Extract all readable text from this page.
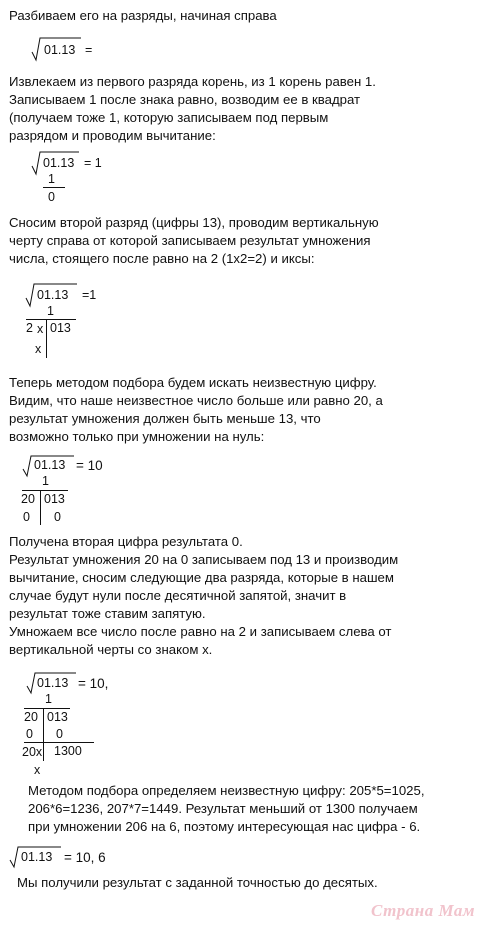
Разбиваем его на разряды, начиная справа
01.13 =
Извлекаем из первого разряда корень, из 1 корень равен 1.
Записываем 1 после знака равно, возводим ее в квадрат
(получаем тоже 1, которую записываем под первым
разрядом и проводим вычитание:
01.13 = 1
1
0
Сносим второй разряд (цифры 13), проводим вертикальную
черту справа от которой записываем результат умножения
числа, стоящего после равно на 2 (1х2=2) и иксы:
01.13 =1
1
2 x 013
x
Теперь методом подбора будем искать неизвестную цифру.
Видим, что наше неизвестное число больше или равно 20, а
результат умножения должен быть меньше 13, что
возможно только при умножении на нуль:
01.13 = 10
1
20 013
0 0
Получена вторая цифра результата 0.
Результат умножения 20 на 0 записываем под 13 и производим
вычитание, сносим следующие два разряда, которые в нашем
случае будут нули после десятичной запятой, значит в
результат тоже ставим запятую.
Умножаем все число после равно на 2 и записываем слева от
вертикальной черты со знаком х.
01.13 = 10,
1
20 013
0 0
20x 1300
x
Методом подбора определяем неизвестную цифру: 205*5=1025,
206*6=1236, 207*7=1449. Результат меньший от 1300 получаем
при умножении 206 на 6, поэтому интересующая нас цифра - 6.
01.13 = 10, 6
Мы получили результат с заданной точностью до десятых.
Страна Мам
